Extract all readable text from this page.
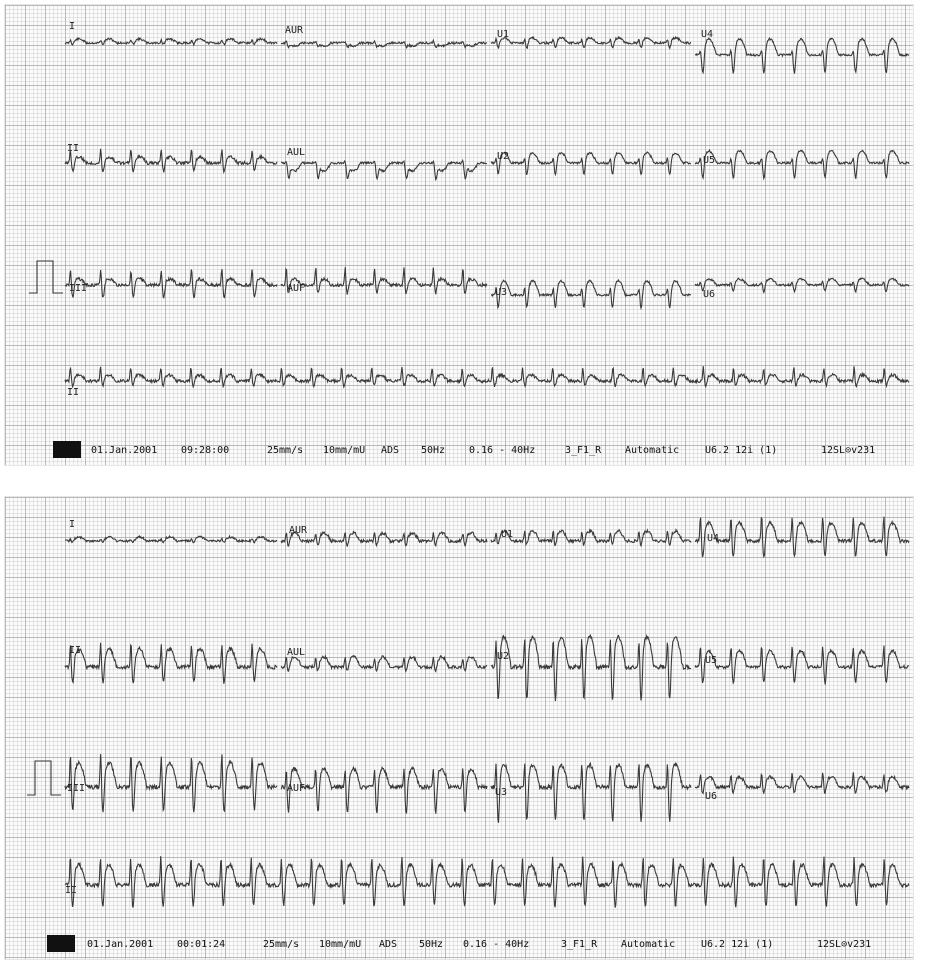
I	AUR	U1	U4
II	AUL	U2	U5
III	AUF	U3	U6
II
01.Jan.2001 09:28:00	25mm/s 10mm/mU ADS 50Hz 0.16 - 40Hz	3_F1_R Automatic	U6.2 12i (1)	12SL⊙v231
I
AUR	U1	U4
II	AUL	U2	U5
III	AUF	U3	U6
II
01.Jan.2001 00:01:24	25mm/s 10mm/mU ADS 50Hz 0.16 - 40Hz	3_F1_R Automatic	U6.2 12i (1)	12SL⊙v231
